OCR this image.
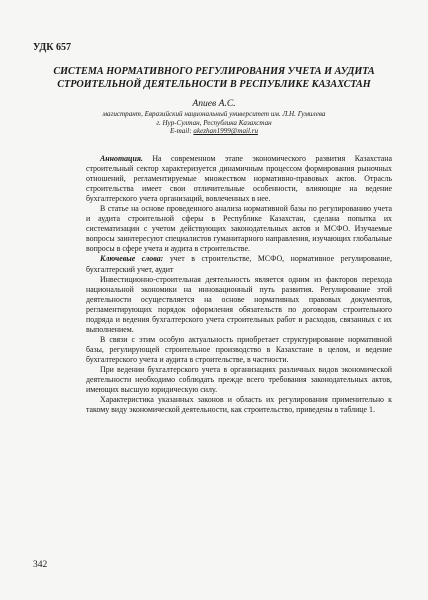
УДК 657
СИСТЕМА НОРМАТИВНОГО РЕГУЛИРОВАНИЯ УЧЕТА И АУДИТА
СТРОИТЕЛЬНОЙ ДЕЯТЕЛЬНОСТИ В РЕСПУБЛИКЕ КАЗАХСТАН
Апиев А.С.
магистрант, Евразийский национальный университет им. Л.Н. Гумилева
г. Нур-Султан, Республика Казахстан
E-mail: akezhan1999@mail.ru

Аннотация. На современном этапе экономического развития Казахстана строительный сектор характеризуется динамичным процессом формирования рыночных отношений, регламентируемые множеством нормативно-правовых актов. Отрасль строительства имеет свои отличительные особенности, влияющие на ведение бухгалтерского учета организаций, вовлеченных в нее.

В статье на основе проведенного анализа нормативной базы по регулированию учета и аудита строительной сферы в Республике Казахстан, сделана попытка их систематизации с учетом действующих законодательных актов и МСФО. Изучаемые вопросы заинтересуют специалистов гуманитарного направления, изучающих глобальные вопросы в сфере учета и аудита в строительстве.

Ключевые слова: учет в строительстве, МСФО, нормативное регулирование, бухгалтерский учет, аудит

Инвестиционно-строительная деятельность является одним из факторов перехода национальной экономики на инновационный путь развития. Регулирование этой деятельности осуществляется на основе нормативных правовых документов, регламентирующих порядок оформления обязательств по договорам строительного подряда и ведения бухгалтерского учета строительных работ и расходов, связанных с их выполнением.

В связи с этим особую актуальность приобретает структурирование нормативной базы, регулирующей строительное производство в Казахстане в целом, и ведение бухгалтерского учета и аудита в строительстве, в частности.

При ведении бухгалтерского учета в организациях различных видов экономической деятельности необходимо соблюдать прежде всего требования законодательных актов, имеющих высшую юридическую силу.

Характеристика указанных законов и область их регулирования применительно к такому виду экономической деятельности, как строительство, приведены в таблице 1.

342
